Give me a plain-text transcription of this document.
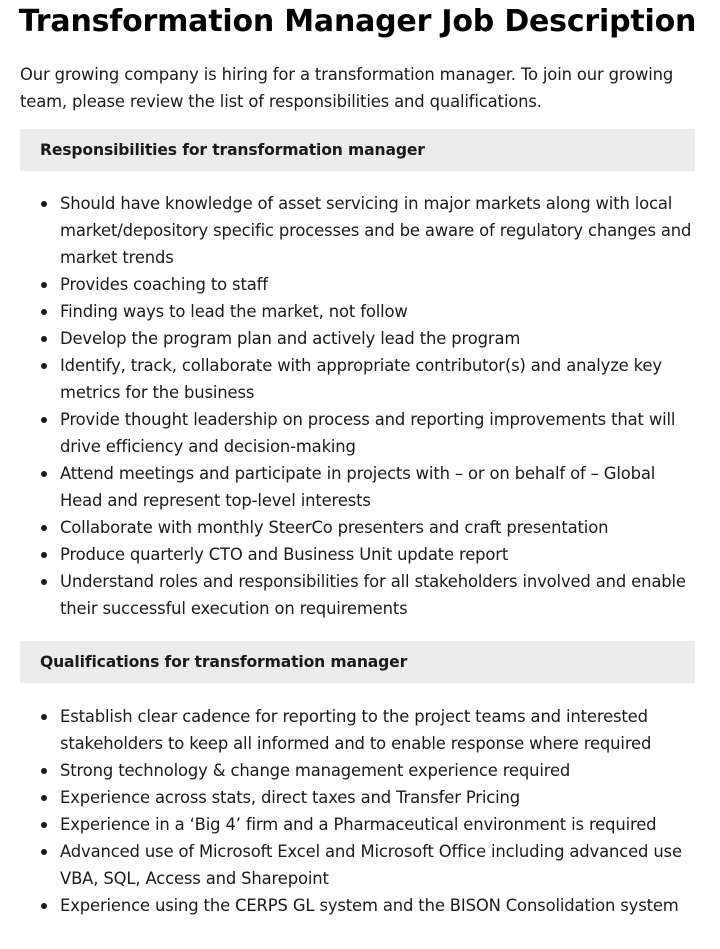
Transformation Manager Job Description

Our growing company is hiring for a transformation manager. To join our growing team, please review the list of responsibilities and qualifications.

Responsibilities for transformation manager
Should have knowledge of asset servicing in major markets along with local market/depository specific processes and be aware of regulatory changes and market trends
Provides coaching to staff
Finding ways to lead the market, not follow
Develop the program plan and actively lead the program
Identify, track, collaborate with appropriate contributor(s) and analyze key metrics for the business
Provide thought leadership on process and reporting improvements that will drive efficiency and decision-making
Attend meetings and participate in projects with – or on behalf of – Global Head and represent top-level interests
Collaborate with monthly SteerCo presenters and craft presentation
Produce quarterly CTO and Business Unit update report
Understand roles and responsibilities for all stakeholders involved and enable their successful execution on requirements
Qualifications for transformation manager
Establish clear cadence for reporting to the project teams and interested stakeholders to keep all informed and to enable response where required
Strong technology & change management experience required
Experience across stats, direct taxes and Transfer Pricing
Experience in a ‘Big 4’ firm and a Pharmaceutical environment is required
Advanced use of Microsoft Excel and Microsoft Office including advanced use VBA, SQL, Access and Sharepoint
Experience using the CERPS GL system and the BISON Consolidation system
